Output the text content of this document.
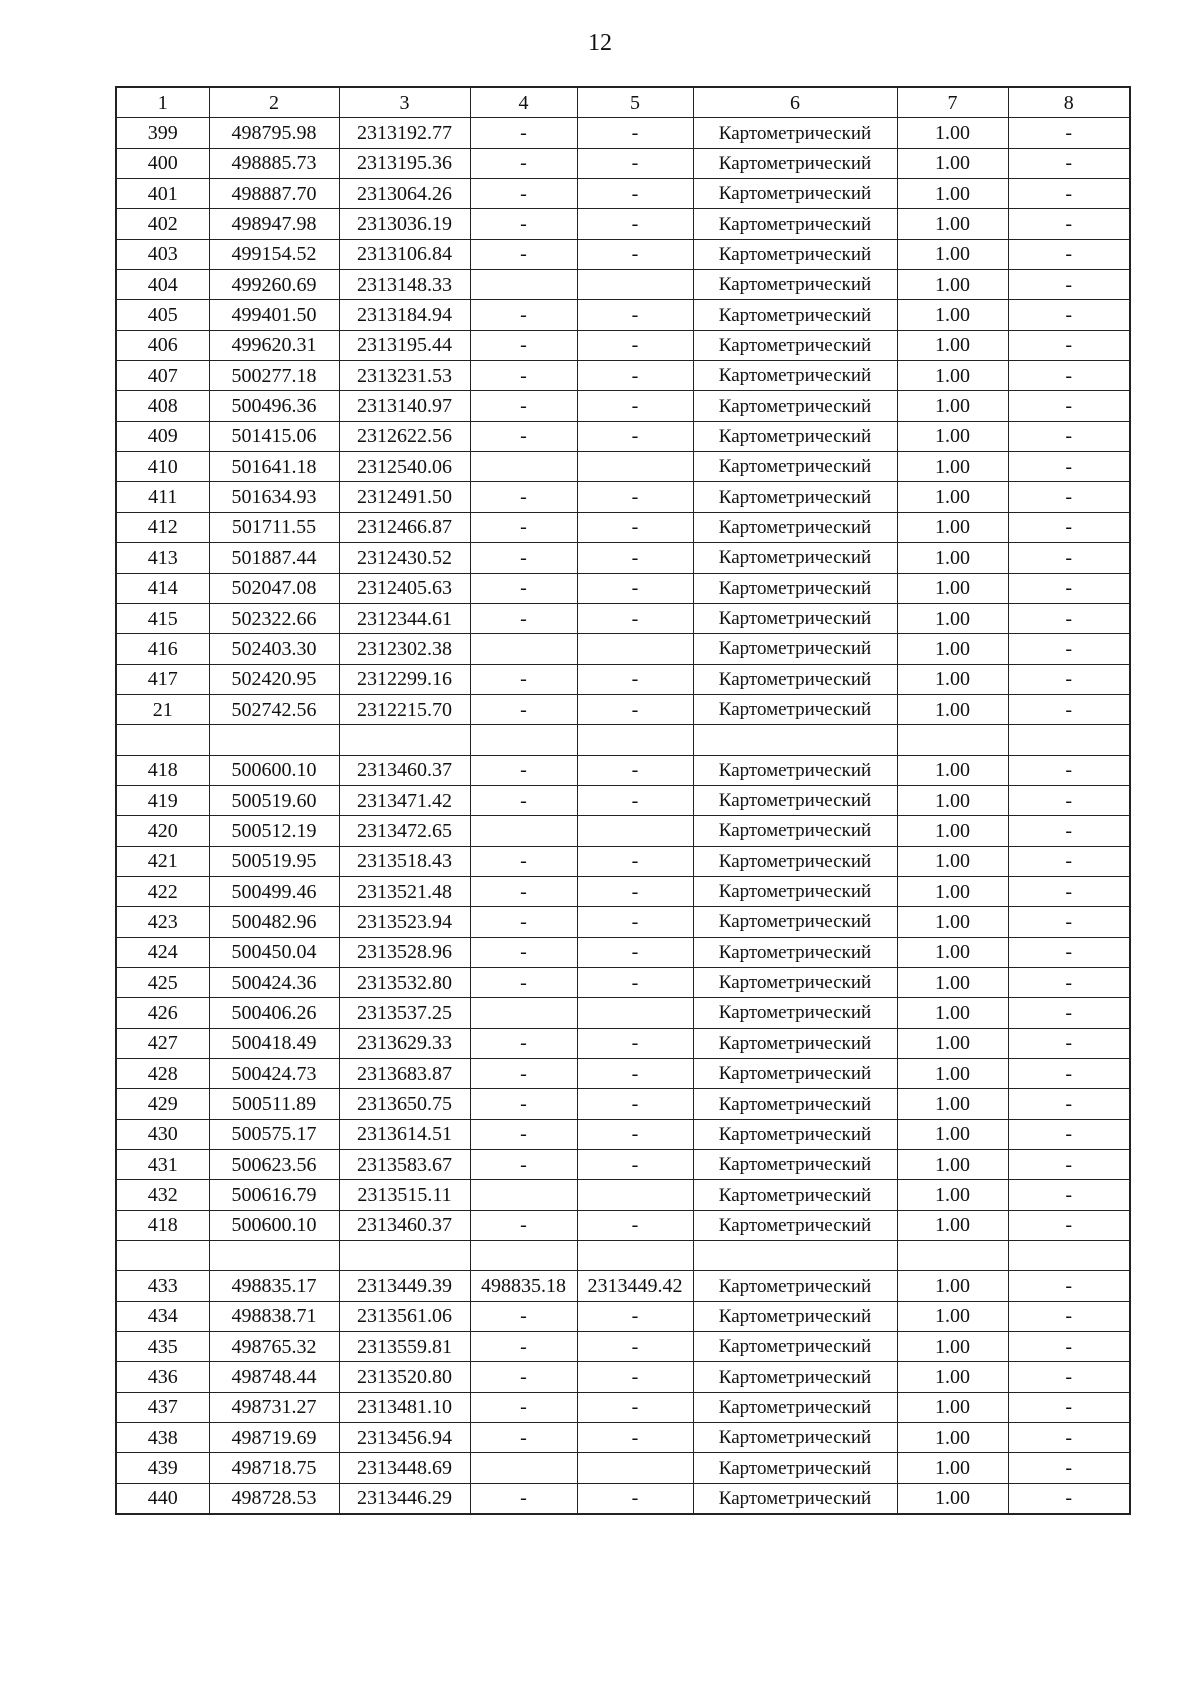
12
1	2	3	4	5	6	7	8
399	498795.98	2313192.77	-	-	Картометрический	1.00	-
400	498885.73	2313195.36	-	-	Картометрический	1.00	-
401	498887.70	2313064.26	-	-	Картометрический	1.00	-
402	498947.98	2313036.19	-	-	Картометрический	1.00	-
403	499154.52	2313106.84	-	-	Картометрический	1.00	-
404	499260.69	2313148.33			Картометрический	1.00	-
405	499401.50	2313184.94	-	-	Картометрический	1.00	-
406	499620.31	2313195.44	-	-	Картометрический	1.00	-
407	500277.18	2313231.53	-	-	Картометрический	1.00	-
408	500496.36	2313140.97	-	-	Картометрический	1.00	-
409	501415.06	2312622.56	-	-	Картометрический	1.00	-
410	501641.18	2312540.06			Картометрический	1.00	-
411	501634.93	2312491.50	-	-	Картометрический	1.00	-
412	501711.55	2312466.87	-	-	Картометрический	1.00	-
413	501887.44	2312430.52	-	-	Картометрический	1.00	-
414	502047.08	2312405.63	-	-	Картометрический	1.00	-
415	502322.66	2312344.61	-	-	Картометрический	1.00	-
416	502403.30	2312302.38			Картометрический	1.00	-
417	502420.95	2312299.16	-	-	Картометрический	1.00	-
21	502742.56	2312215.70	-	-	Картометрический	1.00	-

418	500600.10	2313460.37	-	-	Картометрический	1.00	-
419	500519.60	2313471.42	-	-	Картометрический	1.00	-
420	500512.19	2313472.65			Картометрический	1.00	-
421	500519.95	2313518.43	-	-	Картометрический	1.00	-
422	500499.46	2313521.48	-	-	Картометрический	1.00	-
423	500482.96	2313523.94	-	-	Картометрический	1.00	-
424	500450.04	2313528.96	-	-	Картометрический	1.00	-
425	500424.36	2313532.80	-	-	Картометрический	1.00	-
426	500406.26	2313537.25			Картометрический	1.00	-
427	500418.49	2313629.33	-	-	Картометрический	1.00	-
428	500424.73	2313683.87	-	-	Картометрический	1.00	-
429	500511.89	2313650.75	-	-	Картометрический	1.00	-
430	500575.17	2313614.51	-	-	Картометрический	1.00	-
431	500623.56	2313583.67	-	-	Картометрический	1.00	-
432	500616.79	2313515.11			Картометрический	1.00	-
418	500600.10	2313460.37	-	-	Картометрический	1.00	-

433	498835.17	2313449.39	498835.18	2313449.42	Картометрический	1.00	-
434	498838.71	2313561.06	-	-	Картометрический	1.00	-
435	498765.32	2313559.81	-	-	Картометрический	1.00	-
436	498748.44	2313520.80	-	-	Картометрический	1.00	-
437	498731.27	2313481.10	-	-	Картометрический	1.00	-
438	498719.69	2313456.94	-	-	Картометрический	1.00	-
439	498718.75	2313448.69			Картометрический	1.00	-
440	498728.53	2313446.29	-	-	Картометрический	1.00	-
